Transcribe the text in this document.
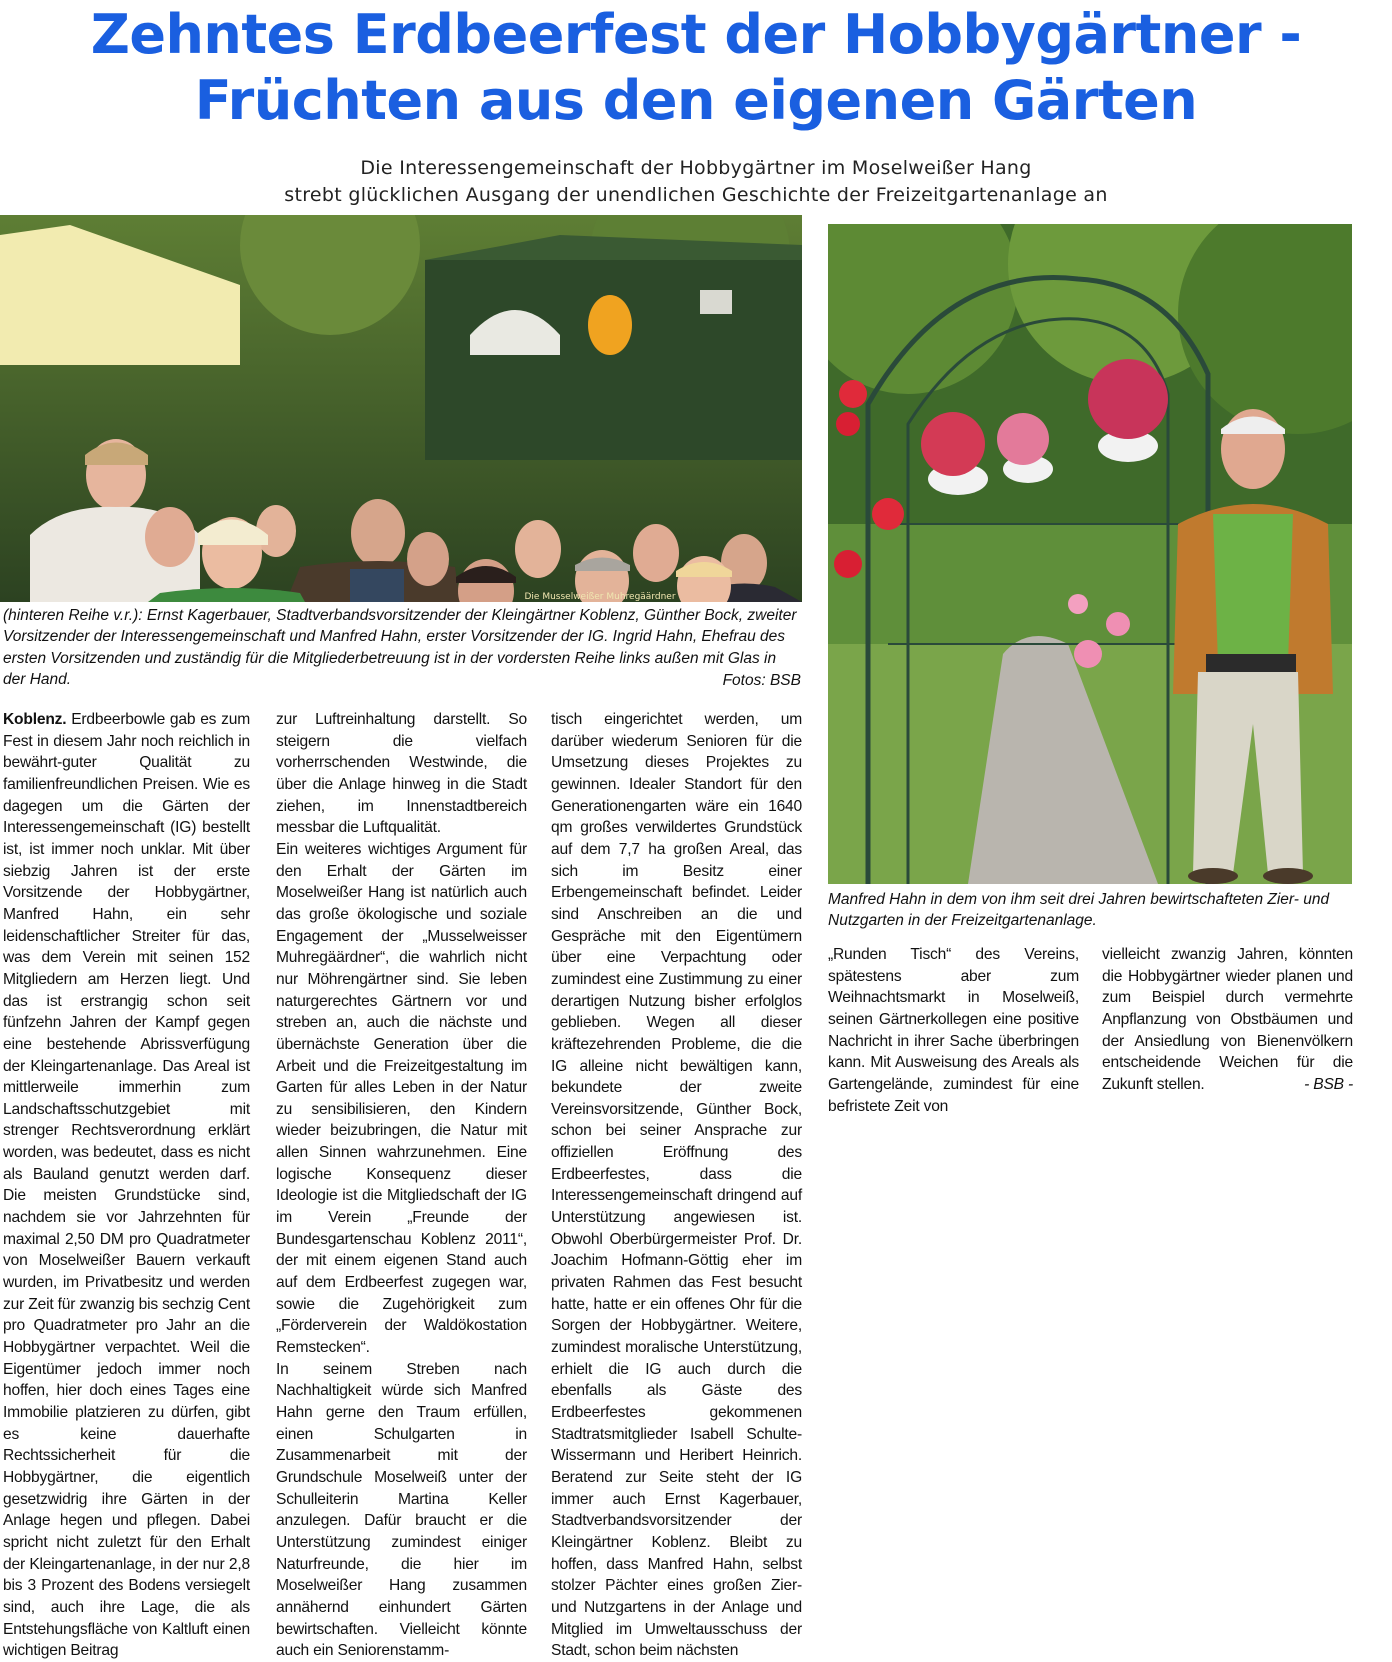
Zehntes Erdbeerfest der Hobbygärtner -
Früchten aus den eigenen Gärten
Die Interessengemeinschaft der Hobbygärtner im Moselweißer Hang
strebt glücklichen Ausgang der unendlichen Geschichte der Freizeitgartenanlage an
Die Musselweißer Muhregäärdner
(hinteren Reihe v.r.): Ernst Kagerbauer, Stadtverbandsvorsitzender der Kleingärtner Koblenz, Günther Bock, zweiter Vorsitzender der Interessengemeinschaft und Manfred Hahn, erster Vorsitzender der IG. Ingrid Hahn, Ehefrau des ersten Vorsitzenden und zuständig für die Mitgliederbetreuung ist in der vordersten Reihe links außen mit Glas in der Hand.	Fotos: BSB
Manfred Hahn in dem von ihm seit drei Jahren bewirtschafteten Zier- und Nutzgarten in der Freizeitgartenanlage.

Koblenz. Erdbeerbowle gab es zum Fest in diesem Jahr noch reichlich in bewährt-guter Qualität zu familienfreundlichen Preisen. Wie es dagegen um die Gärten der Interessengemeinschaft (IG) bestellt ist, ist immer noch unklar. Mit über siebzig Jahren ist der erste Vorsitzende der Hobbygärtner, Manfred Hahn, ein sehr leidenschaftlicher Streiter für das, was dem Verein mit seinen 152 Mitgliedern am Herzen liegt. Und das ist erstrangig schon seit fünfzehn Jahren der Kampf gegen eine bestehende Abrissverfügung der Kleingartenanlage. Das Areal ist mittlerweile immerhin zum Landschaftsschutzgebiet mit strenger Rechtsverordnung erklärt worden, was bedeutet, dass es nicht als Bauland genutzt werden darf. Die meisten Grundstücke sind, nachdem sie vor Jahrzehnten für maximal 2,50 DM pro Quadratmeter von Moselweißer Bauern verkauft wurden, im Privatbesitz und werden zur Zeit für zwanzig bis sechzig Cent pro Quadratmeter pro Jahr an die Hobbygärtner verpachtet. Weil die Eigentümer jedoch immer noch hoffen, hier doch eines Tages eine Immobilie platzieren zu dürfen, gibt es keine dauerhafte Rechtssicherheit für die Hobbygärtner, die eigentlich gesetzwidrig ihre Gärten in der Anlage hegen und pflegen. Dabei spricht nicht zuletzt für den Erhalt der Kleingartenanlage, in der nur 2,8 bis 3 Prozent des Bodens versiegelt sind, auch ihre Lage, die als Entstehungsfläche von Kaltluft einen wichtigen Beitrag

zur Luftreinhaltung darstellt. So steigern die vielfach vorherrschenden Westwinde, die über die Anlage hinweg in die Stadt ziehen, im Innenstadtbereich messbar die Luftqualität.

Ein weiteres wichtiges Argument für den Erhalt der Gärten im Moselweißer Hang ist natürlich auch das große ökologische und soziale Engagement der „Musselweisser Muhregäärdner“, die wahrlich nicht nur Möhrengärtner sind. Sie leben naturgerechtes Gärtnern vor und streben an, auch die nächste und übernächste Generation über die Arbeit und die Freizeitgestaltung im Garten für alles Leben in der Natur zu sensibilisieren, den Kindern wieder beizubringen, die Natur mit allen Sinnen wahrzunehmen. Eine logische Konsequenz dieser Ideologie ist die Mitgliedschaft der IG im Verein „Freunde der Bundesgartenschau Koblenz 2011“, der mit einem eigenen Stand auch auf dem Erdbeerfest zugegen war, sowie die Zugehörigkeit zum „Förderverein der Waldökostation Remstecken“.

In seinem Streben nach Nachhaltigkeit würde sich Manfred Hahn gerne den Traum erfüllen, einen Schulgarten in Zusammenarbeit mit der Grundschule Moselweiß unter der Schulleiterin Martina Keller anzulegen. Dafür braucht er die Unterstützung zumindest einiger Naturfreunde, die hier im Moselweißer Hang zusammen annähernd einhundert Gärten bewirtschaften. Vielleicht könnte auch ein Seniorenstamm-

tisch eingerichtet werden, um darüber wiederum Senioren für die Umsetzung dieses Projektes zu gewinnen. Idealer Standort für den Generationengarten wäre ein 1640 qm großes verwildertes Grundstück auf dem 7,7 ha großen Areal, das sich im Besitz einer Erbengemeinschaft befindet. Leider sind Anschreiben an die und Gespräche mit den Eigentümern über eine Verpachtung oder zumindest eine Zustimmung zu einer derartigen Nutzung bisher erfolglos geblieben. Wegen all dieser kräftezehrenden Probleme, die die IG alleine nicht bewältigen kann, bekundete der zweite Vereinsvorsitzende, Günther Bock, schon bei seiner Ansprache zur offiziellen Eröffnung des Erdbeerfestes, dass die Interessengemeinschaft dringend auf Unterstützung angewiesen ist. Obwohl Oberbürgermeister Prof. Dr. Joachim Hofmann-Göttig eher im privaten Rahmen das Fest besucht hatte, hatte er ein offenes Ohr für die Sorgen der Hobbygärtner. Weitere, zumindest moralische Unterstützung, erhielt die IG auch durch die ebenfalls als Gäste des Erdbeerfestes gekommenen Stadtratsmitglieder Isabell Schulte-Wissermann und Heribert Heinrich. Beratend zur Seite steht der IG immer auch Ernst Kagerbauer, Stadtverbandsvorsitzender der Kleingärtner Koblenz. Bleibt zu hoffen, dass Manfred Hahn, selbst stolzer Pächter eines großen Zier- und Nutzgartens in der Anlage und Mitglied im Umweltausschuss der Stadt, schon beim nächsten

„Runden Tisch“ des Vereins, spätestens aber zum Weihnachtsmarkt in Moselweiß, seinen Gärtnerkollegen eine positive Nachricht in ihrer Sache überbringen kann. Mit Ausweisung des Areals als Gartengelände, zumindest für eine befristete Zeit von

vielleicht zwanzig Jahren, könnten die Hobbygärtner wieder planen und zum Beispiel durch vermehrte Anpflanzung von Obstbäumen und der Ansiedlung von Bienenvölkern entscheidende Weichen für die Zukunft stellen.	- BSB -
